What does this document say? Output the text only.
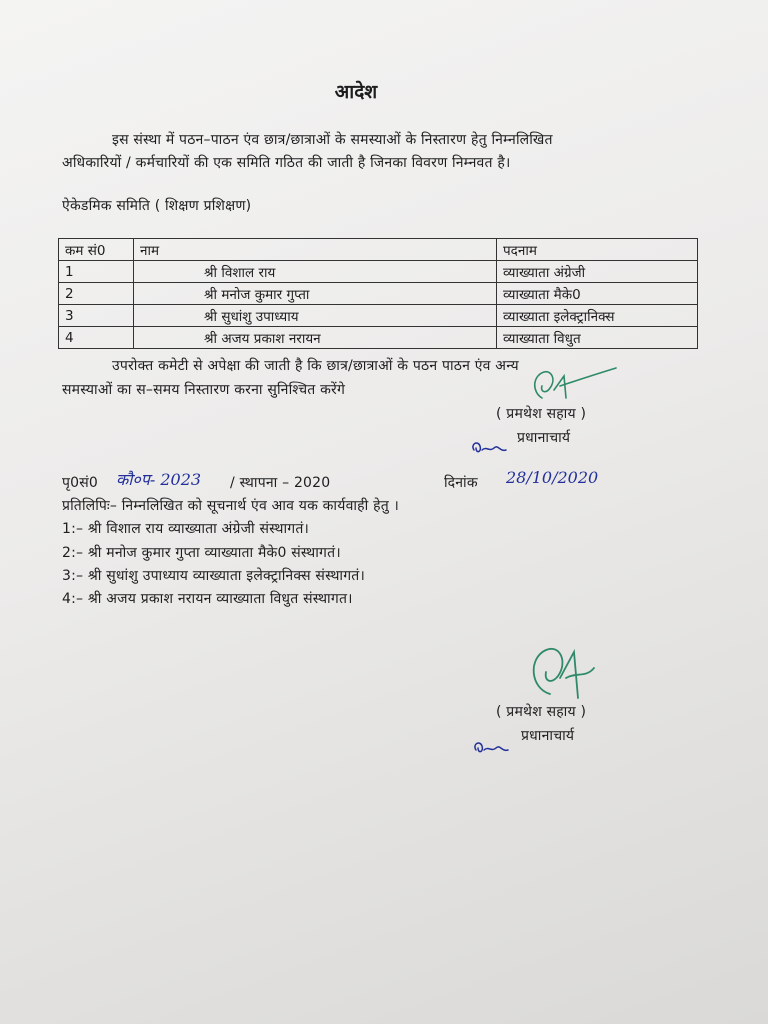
आदेश
इस संस्था में पठन–पाठन एंव छात्र/छात्राओं के समस्याओं के निस्तारण हेतु निम्नलिखित
अधिकारियों / कर्मचारियों की एक समिति गठित की जाती है जिनका विवरण निम्नवत है।
ऐकेडमिक समिति ( शिक्षण प्रशिक्षण)
कम सं0	नाम	पदनाम
1	श्री विशाल राय	व्याख्याता अंग्रेजी
2	श्री मनोज कुमार गुप्ता	व्याख्याता मैके0
3	श्री सुधांशु उपाध्याय	व्याख्याता इलेक्ट्रानिक्स
4	श्री अजय प्रकाश नरायन	व्याख्याता विधुत
उपरोक्त कमेटी से अपेक्षा की जाती है कि छात्र/छात्राओं के पठन पाठन एंव अन्य
समस्याओं का स–समय निस्तारण करना सुनिश्चित करेंगे
( प्रमथेश सहाय )
प्रधानाचार्य
पृ0सं0 कौ०प- 2023 / स्थापना – 2020	दिनांक 28/10/2020
प्रतिलिपिः– निम्नलिखित को सूचनार्थ एंव आव यक कार्यवाही हेतु ।
1:– श्री विशाल राय व्याख्याता अंग्रेजी संस्थागतं।
2:– श्री मनोज कुमार गुप्ता व्याख्याता मैके0 संस्थागतं।
3:– श्री सुधांशु उपाध्याय व्याख्याता इलेक्ट्रानिक्स संस्थागतं।
4:– श्री अजय प्रकाश नरायन व्याख्याता विधुत संस्थागत।
( प्रमथेश सहाय )
प्रधानाचार्य
